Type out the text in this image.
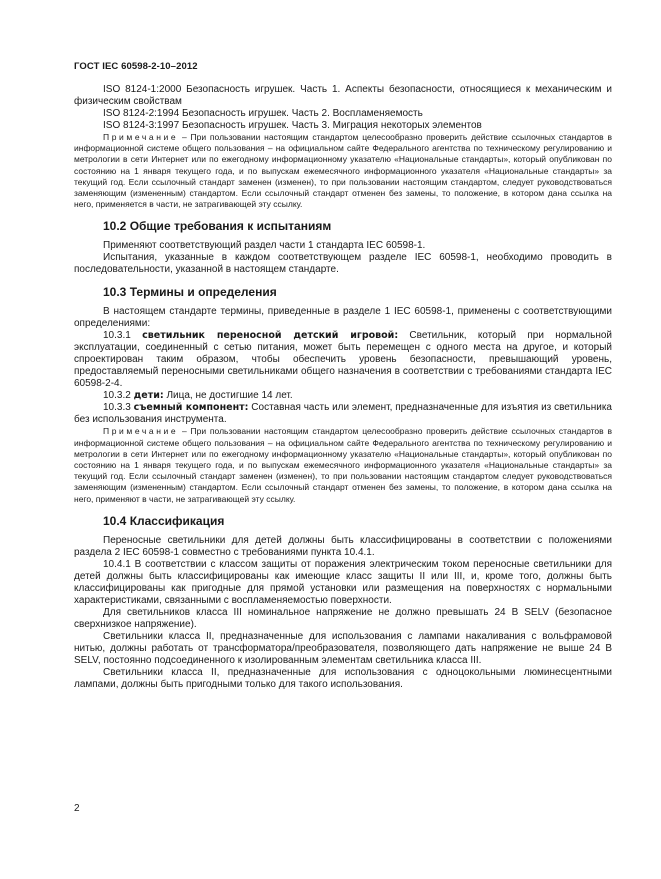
ГОСТ IEC 60598-2-10–2012

ISO 8124-1:2000 Безопасность игрушек. Часть 1. Аспекты безопасности, относящиеся к механическим и физическим свойствам

ISO 8124-2:1994 Безопасность игрушек. Часть 2. Воспламеняемость

ISO 8124-3:1997 Безопасность игрушек. Часть 3. Миграция некоторых элементов

Примечание – При пользовании настоящим стандартом целесообразно проверить действие ссылочных стандартов в информационной системе общего пользования – на официальном сайте Федерального агентства по техническому регулированию и метрологии в сети Интернет или по ежегодному информационному указателю «Национальные стандарты», который опубликован по состоянию на 1 января текущего года, и по выпускам ежемесячного информационного указателя «Национальные стандарты» за текущий год. Если ссылочный стандарт заменен (изменен), то при пользовании настоящим стандартом, следует руководствоваться заменяющим (измененным) стандартом. Если ссылочный стандарт отменен без замены, то положение, в котором дана ссылка на него, применяется в части, не затрагивающей эту ссылку.

10.2 Общие требования к испытаниям

Применяют соответствующий раздел части 1 стандарта IEC 60598-1.

Испытания, указанные в каждом соответствующем разделе IEC 60598-1, необходимо проводить в последовательности, указанной в настоящем стандарте.

10.3 Термины и определения

В настоящем стандарте термины, приведенные в разделе 1 IEC 60598-1, применены с соответствующими определениями:

10.3.1 светильник переносной детский игровой: Светильник, который при нормальной эксплуатации, соединенный с сетью питания, может быть перемещен с одного места на другое, и который спроектирован таким образом, чтобы обеспечить уровень безопасности, превышающий уровень, предоставляемый переносными светильниками общего назначения в соответствии с требованиями стандарта IEC 60598-2-4.

10.3.2 дети: Лица, не достигшие 14 лет.

10.3.3 съемный компонент: Составная часть или элемент, предназначенные для изъятия из светильника без использования инструмента.

Примечание – При пользовании настоящим стандартом целесообразно проверить действие ссылочных стандартов в информационной системе общего пользования – на официальном сайте Федерального агентства по техническому регулированию и метрологии в сети Интернет или по ежегодному информационному указателю «Национальные стандарты», который опубликован по состоянию на 1 января текущего года, и по выпускам ежемесячного информационного указателя «Национальные стандарты» за текущий год. Если ссылочный стандарт заменен (изменен), то при пользовании настоящим стандартом следует руководствоваться заменяющим (измененным) стандартом. Если ссылочный стандарт отменен без замены, то положение, в котором дана ссылка на него, применяют в части, не затрагивающей эту ссылку.

10.4 Классификация

Переносные светильники для детей должны быть классифицированы в соответствии с положениями раздела 2 IEC 60598-1 совместно с требованиями пункта 10.4.1.

10.4.1 В соответствии с классом защиты от поражения электрическим током переносные светильники для детей должны быть классифицированы как имеющие класс защиты II или III, и, кроме того, должны быть классифицированы как пригодные для прямой установки или размещения на поверхностях с нормальными характеристиками, связанными с воспламеняемостью поверхности.

Для светильников класса III номинальное напряжение не должно превышать 24 В SELV (безопасное сверхнизкое напряжение).

Светильники класса II, предназначенные для использования с лампами накаливания с вольфрамовой нитью, должны работать от трансформатора/преобразователя, позволяющего дать напряжение не выше 24 В SELV, постоянно подсоединенного к изолированным элементам светильника класса III.

Светильники класса II, предназначенные для использования с одноцокольными люминесцентными лампами, должны быть пригодными только для такого использования.

2
